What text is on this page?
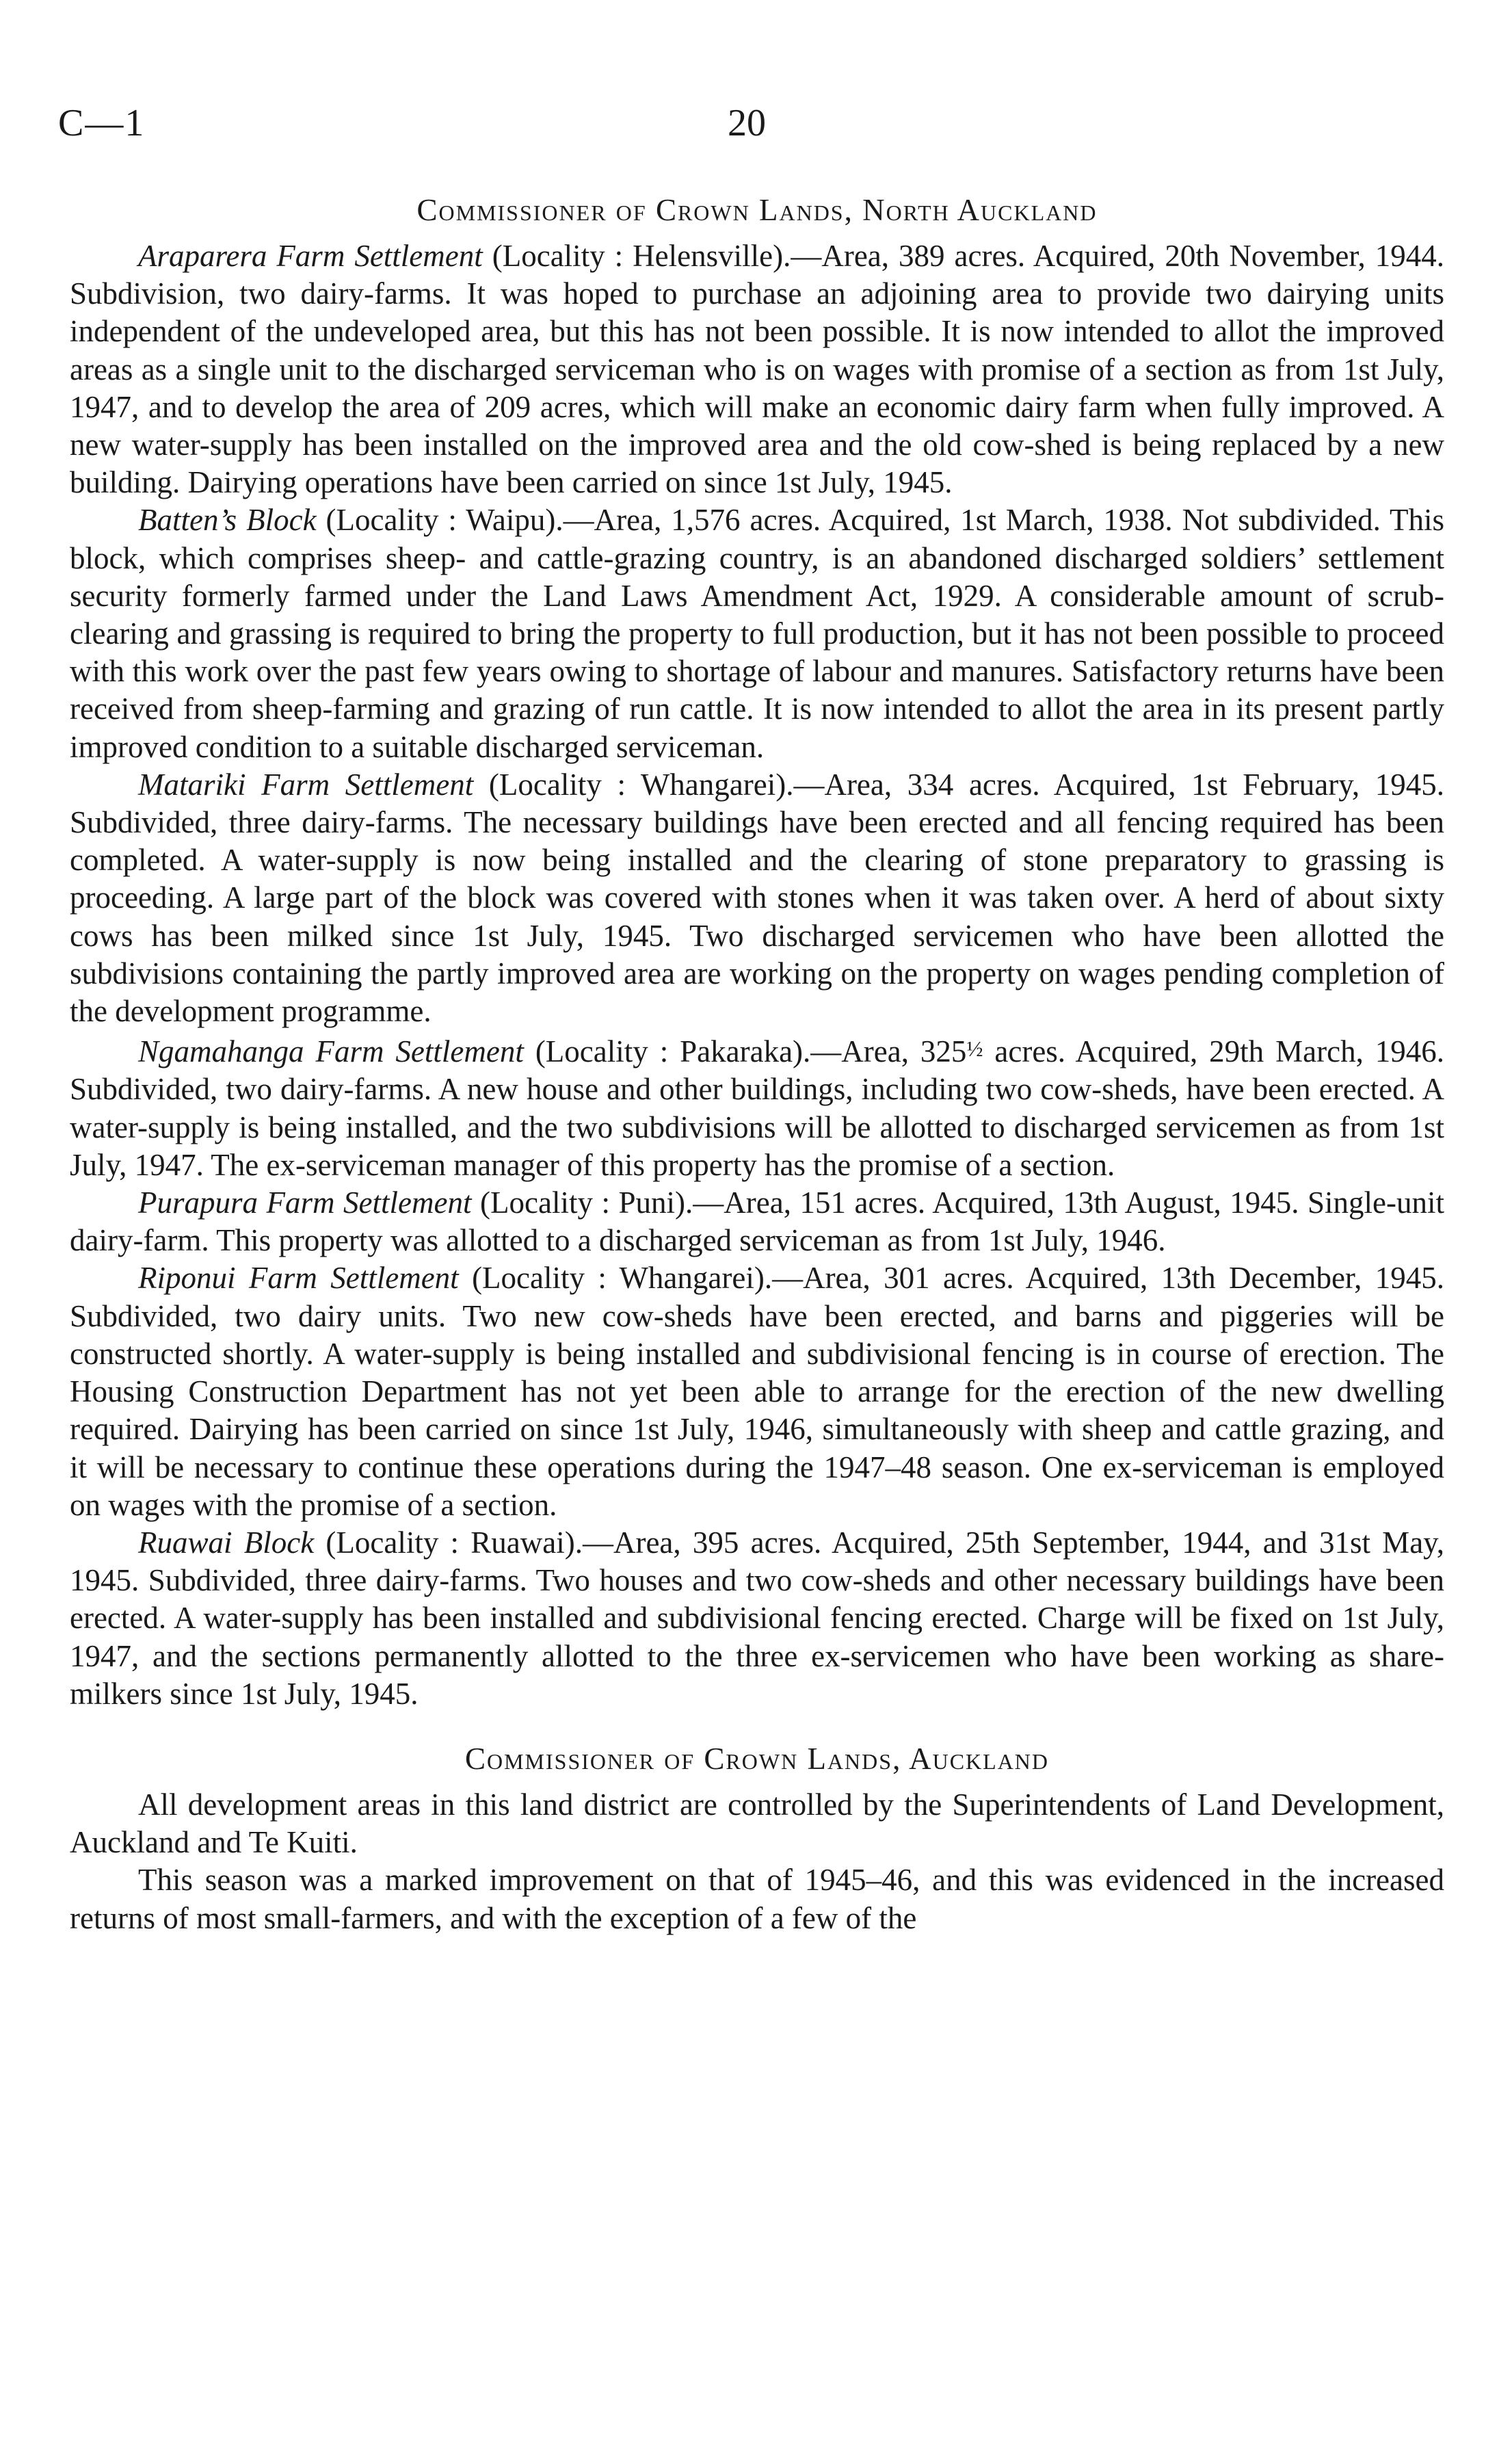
C—1	20
Commissioner of Crown Lands, North Auckland

Araparera Farm Settlement (Locality : Helensville).—Area, 389 acres. Acquired, 20th November, 1944. Subdivision, two dairy-farms. It was hoped to purchase an adjoining area to provide two dairying units independent of the undeveloped area, but this has not been possible. It is now intended to allot the improved areas as a single unit to the discharged serviceman who is on wages with promise of a section as from 1st July, 1947, and to develop the area of 209 acres, which will make an economic dairy farm when fully improved. A new water-supply has been installed on the improved area and the old cow-shed is being replaced by a new building. Dairying operations have been carried on since 1st July, 1945.

Batten’s Block (Locality : Waipu).—Area, 1,576 acres. Acquired, 1st March, 1938. Not subdivided. This block, which comprises sheep- and cattle-grazing country, is an abandoned discharged soldiers’ settlement security formerly farmed under the Land Laws Amendment Act, 1929. A considerable amount of scrub-clearing and grassing is required to bring the property to full production, but it has not been possible to proceed with this work over the past few years owing to shortage of labour and manures. Satisfactory returns have been received from sheep-farming and grazing of run cattle. It is now intended to allot the area in its present partly improved condition to a suitable discharged serviceman.

Matariki Farm Settlement (Locality : Whangarei).—Area, 334 acres. Acquired, 1st February, 1945. Subdivided, three dairy-farms. The necessary buildings have been erected and all fencing required has been completed. A water-supply is now being installed and the clearing of stone preparatory to grassing is proceeding. A large part of the block was covered with stones when it was taken over. A herd of about sixty cows has been milked since 1st July, 1945. Two discharged servicemen who have been allotted the subdivisions containing the partly improved area are working on the property on wages pending completion of the development programme.

Ngamahanga Farm Settlement (Locality : Pakaraka).—Area, 325½ acres. Acquired, 29th March, 1946. Subdivided, two dairy-farms. A new house and other buildings, including two cow-sheds, have been erected. A water-supply is being installed, and the two subdivisions will be allotted to discharged servicemen as from 1st July, 1947. The ex-serviceman manager of this property has the promise of a section.

Purapura Farm Settlement (Locality : Puni).—Area, 151 acres. Acquired, 13th August, 1945. Single-unit dairy-farm. This property was allotted to a discharged serviceman as from 1st July, 1946.

Riponui Farm Settlement (Locality : Whangarei).—Area, 301 acres. Acquired, 13th December, 1945. Subdivided, two dairy units. Two new cow-sheds have been erected, and barns and piggeries will be constructed shortly. A water-supply is being installed and subdivisional fencing is in course of erection. The Housing Construction Department has not yet been able to arrange for the erection of the new dwelling required. Dairying has been carried on since 1st July, 1946, simultaneously with sheep and cattle grazing, and it will be necessary to continue these operations during the 1947–48 season. One ex-serviceman is employed on wages with the promise of a section.

Ruawai Block (Locality : Ruawai).—Area, 395 acres. Acquired, 25th September, 1944, and 31st May, 1945. Subdivided, three dairy-farms. Two houses and two cow-sheds and other necessary buildings have been erected. A water-supply has been installed and subdivisional fencing erected. Charge will be fixed on 1st July, 1947, and the sections permanently allotted to the three ex-servicemen who have been working as share-milkers since 1st July, 1945.

Commissioner of Crown Lands, Auckland

All development areas in this land district are controlled by the Superintendents of Land Development, Auckland and Te Kuiti.

This season was a marked improvement on that of 1945–46, and this was evidenced in the increased returns of most small-farmers, and with the exception of a few of the
